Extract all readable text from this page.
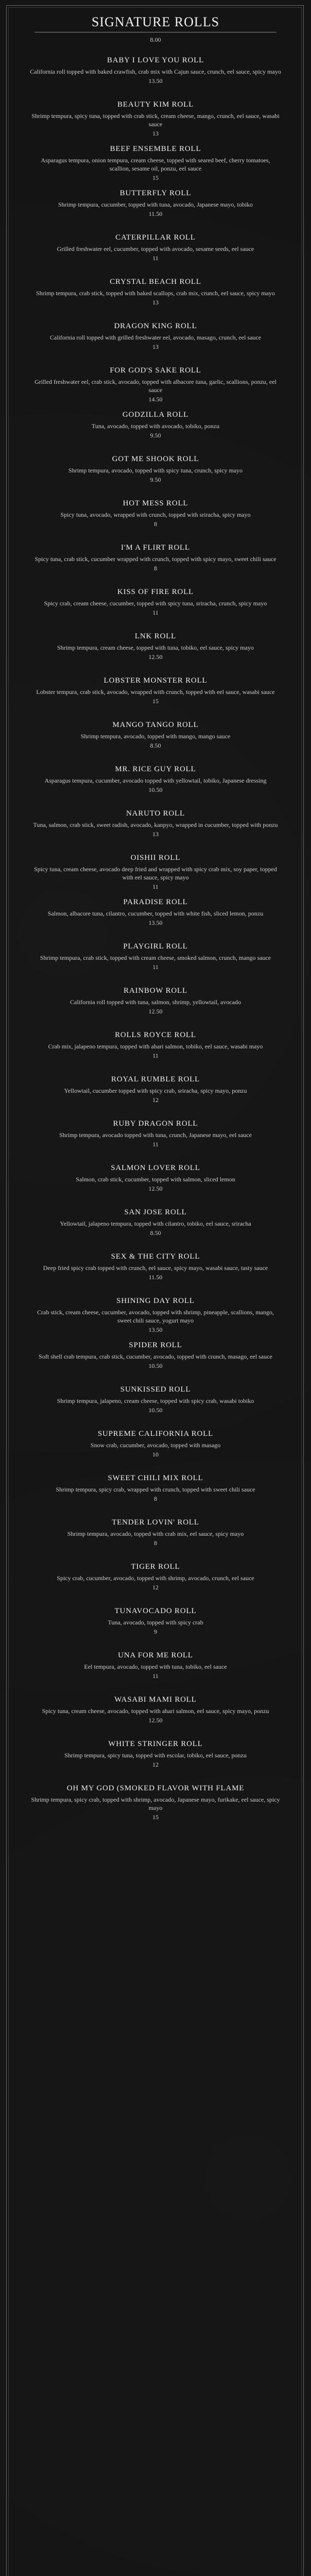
SIGNATURE ROLLS
8.00
BABY I LOVE YOU ROLL
California roll topped with baked crawfish, crab mix with Cajun sauce, crunch, eel sauce, spicy mayo
13.50
BEAUTY KIM ROLL
Shrimp tempura, spicy tuna, topped with crab stick, cream cheese, mango, crunch, eel sauce, wasabi sauce
13
BEEF ENSEMBLE ROLL
Asparagus tempura, onion tempura, cream cheese, topped with seared beef, cherry tomatoes, scallion, sesame oil, ponzu, eel sauce
15
BUTTERFLY ROLL
Shrimp tempura, cucumber, topped with tuna, avocado, Japanese mayo, tobiko
11.50
CATERPILLAR ROLL
Grilled freshwater eel, cucumber, topped with avocado, sesame seeds, eel sauce
11
CRYSTAL BEACH ROLL
Shrimp tempura, crab stick, topped with baked scallops, crab mix, crunch, eel sauce, spicy mayo
13
DRAGON KING ROLL
California roll topped with grilled freshwater eel, avocado, masago, crunch, eel sauce
13
FOR GOD'S SAKE ROLL
Grilled freshwater eel, crab stick, avocado, topped with albacore tuna, garlic, scallions, ponzu, eel sauce
14.50
GODZILLA ROLL
Tuna, avocado, topped with avocado, tobiko, ponzu
9.50
GOT ME SHOOK ROLL
Shrimp tempura, avocado, topped with spicy tuna, crunch, spicy mayo
9.50
HOT MESS ROLL
Spicy tuna, avocado, wrapped with crunch, topped with sriracha, spicy mayo
8
I'M A FLIRT ROLL
Spicy tuna, crab stick, cucumber wrapped with crunch, topped with spicy mayo, sweet chili sauce
8
KISS OF FIRE ROLL
Spicy crab, cream cheese, cucumber, topped with spicy tuna, sriracha, crunch, spicy mayo
11
LNK ROLL
Shrimp tempura, cream cheese, topped with tuna, tobiko, eel sauce, spicy mayo
12.50
LOBSTER MONSTER ROLL
Lobster tempura, crab stick, avocado, wrapped with crunch, topped with eel sauce, wasabi sauce
15
MANGO TANGO ROLL
Shrimp tempura, avocado, topped with mango, mango sauce
8.50
MR. RICE GUY ROLL
Asparagus tempura, cucumber, avocado topped with yellowtail, tobiko, Japanese dressing
10.50
NARUTO ROLL
Tuna, salmon, crab stick, sweet radish, avocado, kanpyo, wrapped in cucumber, topped with ponzu
13
OISHII ROLL
Spicy tuna, cream cheese, avocado deep fried and wrapped with spicy crab mix, soy paper, topped with eel sauce, spicy mayo
11
PARADISE ROLL
Salmon, albacore tuna, cilantro, cucumber, topped with white fish, sliced lemon, ponzu
13.50
PLAYGIRL ROLL
Shrimp tempura, crab stick, topped with cream cheese, smoked salmon, crunch, mango sauce
11
RAINBOW ROLL
California roll topped with tuna, salmon, shrimp, yellowtail, avocado
12.50
ROLLS ROYCE ROLL
Crab mix, jalapeno tempura, topped with ahari salmon, tobiko, eel sauce, wasabi mayo
11
ROYAL RUMBLE ROLL
Yellowtail, cucumber topped with spicy crab, sriracha, spicy mayo, ponzu
12
RUBY DRAGON ROLL
Shrimp tempura, avocado topped with tuna, crunch, Japanese mayo, eel sauce
11
SALMON LOVER ROLL
Salmon, crab stick, cucumber, topped with salmon, sliced lemon
12.50
SAN JOSE ROLL
Yellowtail, jalapeno tempura, topped with cilantro, tobiko, eel sauce, sriracha
8.50
SEX & THE CITY ROLL
Deep fried spicy crab topped with crunch, eel sauce, spicy mayo, wasabi sauce, tasty sauce
11.50
SHINING DAY ROLL
Crab stick, cream cheese, cucumber, avocado, topped with shrimp, pineapple, scallions, mango, sweet chili sauce, yogurt mayo
13.50
SPIDER ROLL
Soft shell crab tempura, crab stick, cucumber, avocado, topped with crunch, masago, eel sauce
10.50
SUNKISSED ROLL
Shrimp tempura, jalapeno, cream cheese, topped with spicy crab, wasabi tobiko
10.50
SUPREME CALIFORNIA ROLL
Snow crab, cucumber, avocado, topped with masago
10
SWEET CHILI MIX ROLL
Shrimp tempura, spicy crab, wrapped with crunch, topped with sweet chili sauce
8
TENDER LOVIN' ROLL
Shrimp tempura, avocado, topped with crab mix, eel sauce, spicy mayo
8
TIGER ROLL
Spicy crab, cucumber, avocado, topped with shrimp, avocado, crunch, eel sauce
12
TUNAVOCADO ROLL
Tuna, avocado, topped with spicy crab
9
UNA FOR ME ROLL
Eel tempura, avocado, topped with tuna, tobiko, eel sauce
11
WASABI MAMI ROLL
Spicy tuna, cream cheese, avocado, topped with ahari salmon, eel sauce, spicy mayo, ponzu
12.50
WHITE STRINGER ROLL
Shrimp tempura, spicy tuna, topped with escolar, tobiko, eel sauce, ponzu
12
OH MY GOD (SMOKED FLAVOR WITH FLAME
Shrimp tempura, spicy crab, topped with shrimp, avocado, Japanese mayo, furikake, eel sauce, spicy mayo
15
